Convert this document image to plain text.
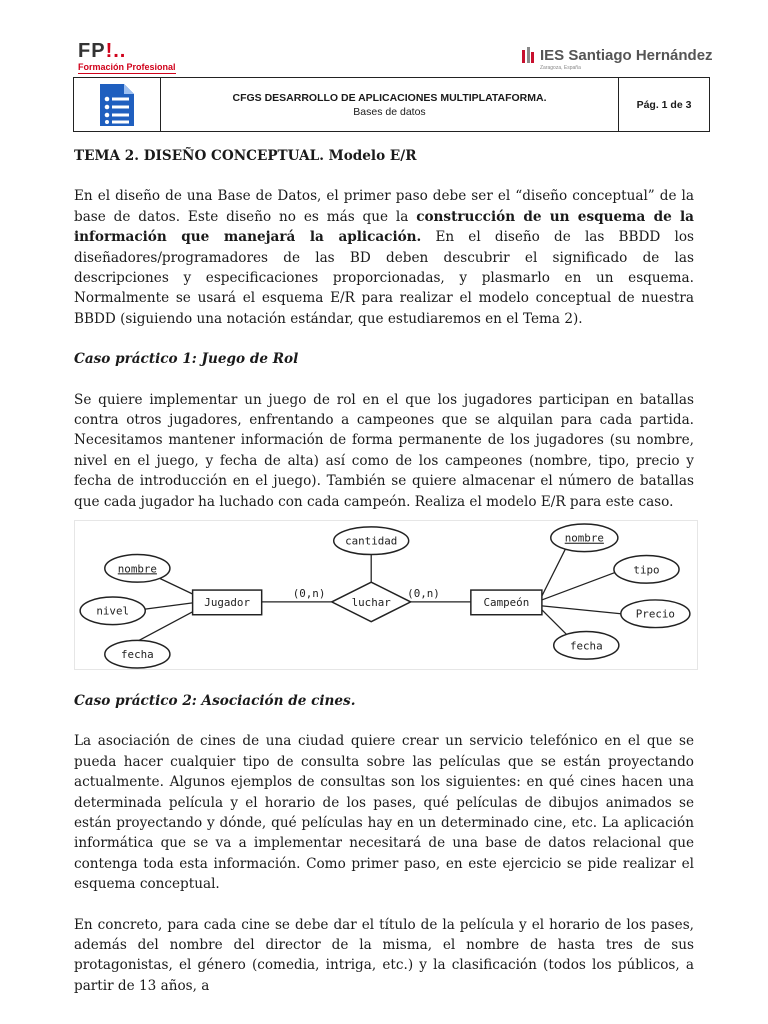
FP!..
Formación Profesional
IES Santiago Hernández
Zaragoza, España
CFGS DESARROLLO DE APLICACIONES MULTIPLATAFORMA.
Bases de datos
Pág. 1 de 3

TEMA 2. DISEÑO CONCEPTUAL. Modelo E/R

En el diseño de una Base de Datos, el primer paso debe ser el “diseño conceptual” de la base de datos. Este diseño no es más que la construcción de un esquema de la información que manejará la aplicación. En el diseño de las BBDD los diseñadores/programadores de las BD deben descubrir el significado de las descripciones y especificaciones proporcionadas, y plasmarlo en un esquema. Normalmente se usará el esquema E/R para realizar el modelo conceptual de nuestra BBDD (siguiendo una notación estándar, que estudiaremos en el Tema 2).

Caso práctico 1: Juego de Rol

Se quiere implementar un juego de rol en el que los jugadores participan en batallas contra otros jugadores, enfrentando a campeones que se alquilan para cada partida. Necesitamos mantener información de forma permanente de los jugadores (su nombre, nivel en el juego, y fecha de alta) así como de los campeones (nombre, tipo, precio y fecha de introducción en el juego). También se quiere almacenar el número de batallas que cada jugador ha luchado con cada campeón. Realiza el modelo E/R para este caso.

nombre
nivel
fecha
Jugador	luchar
cantidad
(0,n)	(0,n)
Campeón
nombre
tipo
Precio
fecha

Caso práctico 2: Asociación de cines.

La asociación de cines de una ciudad quiere crear un servicio telefónico en el que se pueda hacer cualquier tipo de consulta sobre las películas que se están proyectando actualmente. Algunos ejemplos de consultas son los siguientes: en qué cines hacen una determinada película y el horario de los pases, qué películas de dibujos animados se están proyectando y dónde, qué películas hay en un determinado cine, etc. La aplicación informática que se va a implementar necesitará de una base de datos relacional que contenga toda esta información. Como primer paso, en este ejercicio se pide realizar el esquema conceptual.

En concreto, para cada cine se debe dar el título de la película y el horario de los pases, además del nombre del director de la misma, el nombre de hasta tres de sus protagonistas, el género (comedia, intriga, etc.) y la clasificación (todos los públicos, a partir de 13 años, a
